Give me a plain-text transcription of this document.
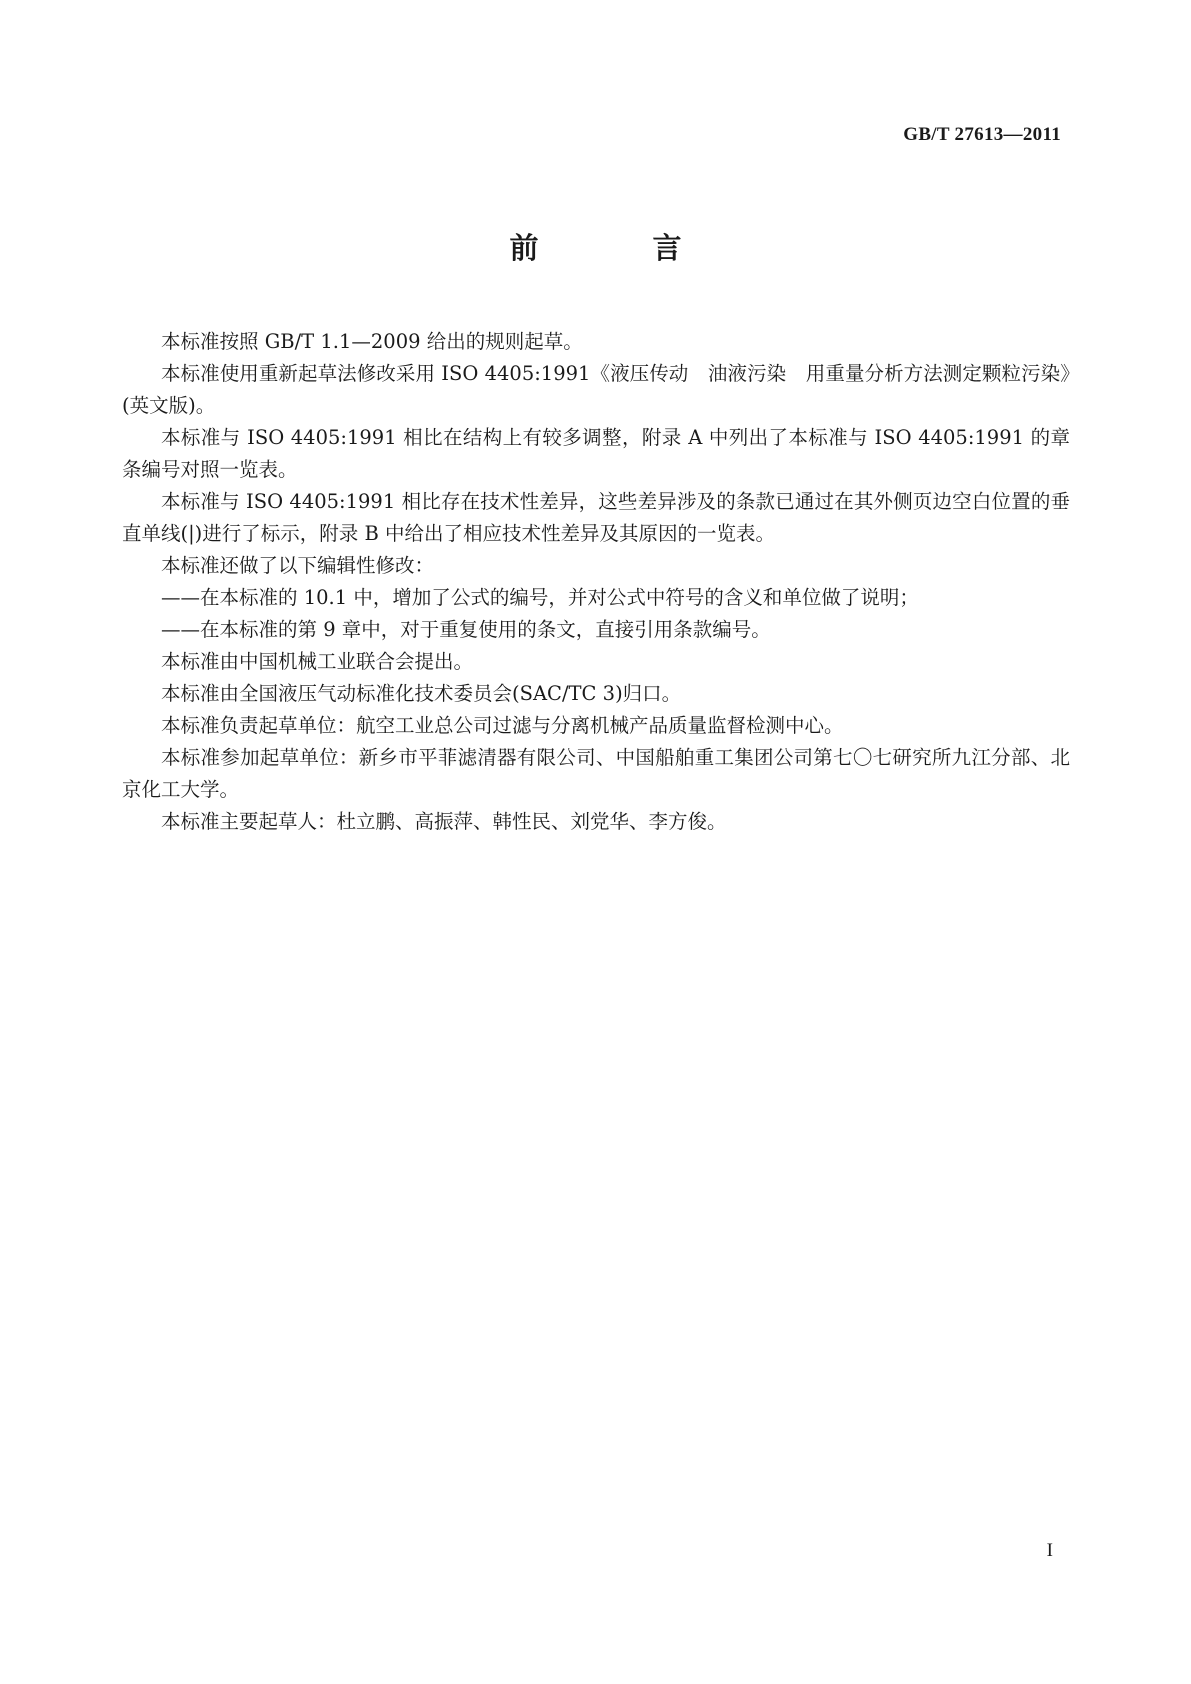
GB/T 27613—2011
前 言

本标准按照 GB/T 1.1—2009 给出的规则起草。

本标准使用重新起草法修改采用 ISO 4405:1991《液压传动　油液污染　用重量分析方法测定颗粒污染》(英文版)。

本标准与 ISO 4405:1991 相比在结构上有较多调整，附录 A 中列出了本标准与 ISO 4405:1991 的章条编号对照一览表。

本标准与 ISO 4405:1991 相比存在技术性差异，这些差异涉及的条款已通过在其外侧页边空白位置的垂直单线(|)进行了标示，附录 B 中给出了相应技术性差异及其原因的一览表。

本标准还做了以下编辑性修改：

——在本标准的 10.1 中，增加了公式的编号，并对公式中符号的含义和单位做了说明；

——在本标准的第 9 章中，对于重复使用的条文，直接引用条款编号。

本标准由中国机械工业联合会提出。

本标准由全国液压气动标准化技术委员会(SAC/TC 3)归口。

本标准负责起草单位：航空工业总公司过滤与分离机械产品质量监督检测中心。

本标准参加起草单位：新乡市平菲滤清器有限公司、中国船舶重工集团公司第七〇七研究所九江分部、北京化工大学。

本标准主要起草人：杜立鹏、高振萍、韩性民、刘党华、李方俊。

I
